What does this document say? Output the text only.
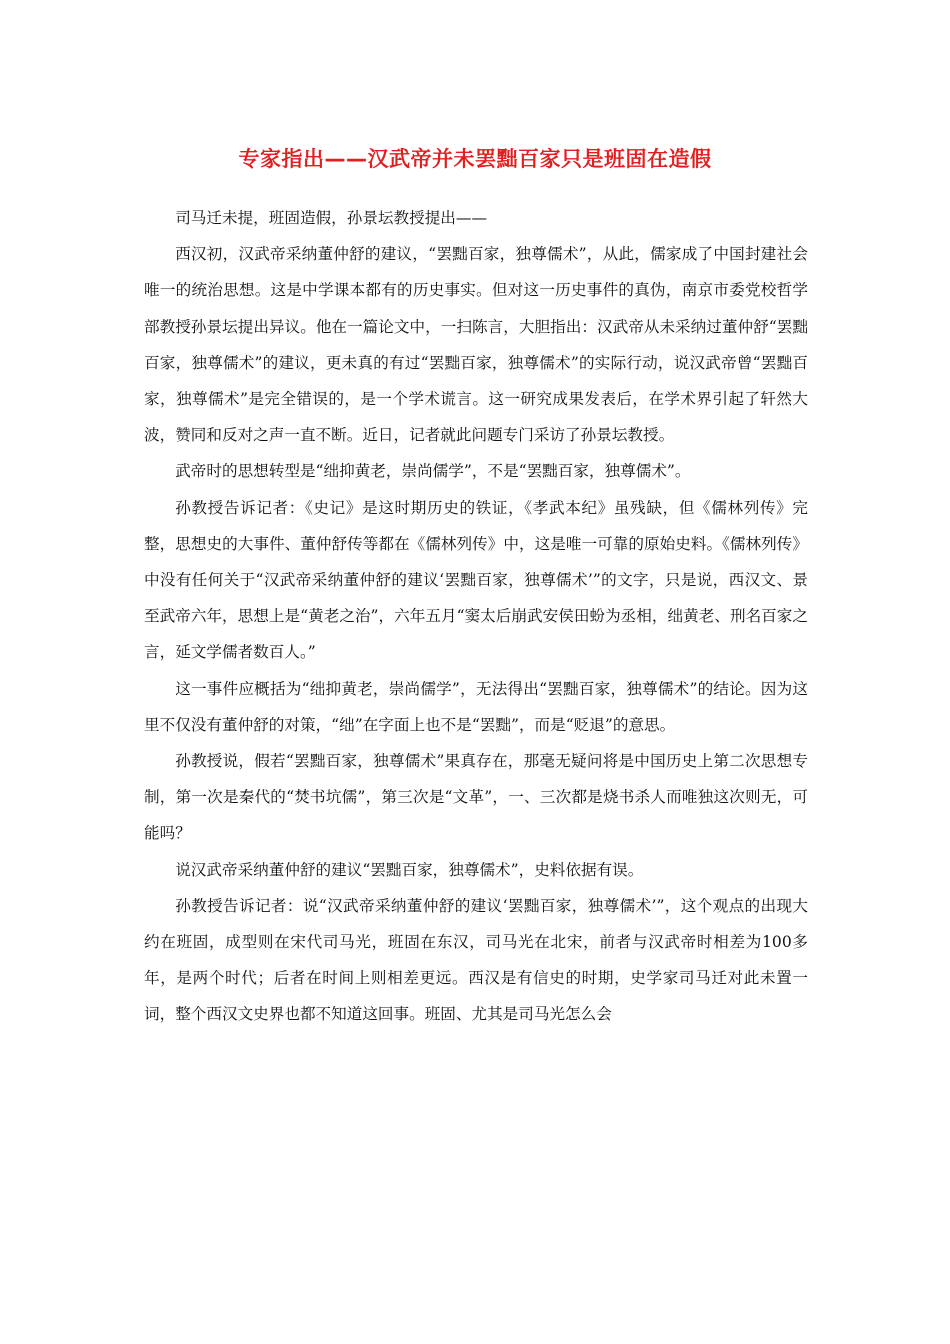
专家指出——汉武帝并未罢黜百家只是班固在造假

司马迁未提，班固造假，孙景坛教授提出——

西汉初，汉武帝采纳董仲舒的建议，“罢黜百家，独尊儒术”，从此，儒家成了中国封建社会唯一的统治思想。这是中学课本都有的历史事实。但对这一历史事件的真伪，南京市委党校哲学部教授孙景坛提出异议。他在一篇论文中，一扫陈言，大胆指出：汉武帝从未采纳过董仲舒“罢黜百家，独尊儒术”的建议，更未真的有过“罢黜百家，独尊儒术”的实际行动，说汉武帝曾“罢黜百家，独尊儒术”是完全错误的，是一个学术谎言。这一研究成果发表后，在学术界引起了轩然大波，赞同和反对之声一直不断。近日，记者就此问题专门采访了孙景坛教授。

武帝时的思想转型是“绌抑黄老，崇尚儒学”，不是“罢黜百家，独尊儒术”。

孙教授告诉记者：《史记》是这时期历史的铁证，《孝武本纪》虽残缺，但《儒林列传》完整，思想史的大事件、董仲舒传等都在《儒林列传》中，这是唯一可靠的原始史料。《儒林列传》中没有任何关于“汉武帝采纳董仲舒的建议‘罢黜百家，独尊儒术’”的文字，只是说，西汉文、景至武帝六年，思想上是“黄老之治”，六年五月“窦太后崩武安侯田蚡为丞相，绌黄老、刑名百家之言，延文学儒者数百人。”

这一事件应概括为“绌抑黄老，崇尚儒学”，无法得出“罢黜百家，独尊儒术”的结论。因为这里不仅没有董仲舒的对策，“绌”在字面上也不是“罢黜”，而是“贬退”的意思。

孙教授说，假若“罢黜百家，独尊儒术”果真存在，那毫无疑问将是中国历史上第二次思想专制，第一次是秦代的“焚书坑儒”，第三次是“文革”，一、三次都是烧书杀人而唯独这次则无，可能吗？

说汉武帝采纳董仲舒的建议“罢黜百家，独尊儒术”，史料依据有误。

孙教授告诉记者：说“汉武帝采纳董仲舒的建议‘罢黜百家，独尊儒术’”，这个观点的出现大约在班固，成型则在宋代司马光，班固在东汉，司马光在北宋，前者与汉武帝时相差为100多年，是两个时代；后者在时间上则相差更远。西汉是有信史的时期，史学家司马迁对此未置一词，整个西汉文史界也都不知道这回事。班固、尤其是司马光怎么会
